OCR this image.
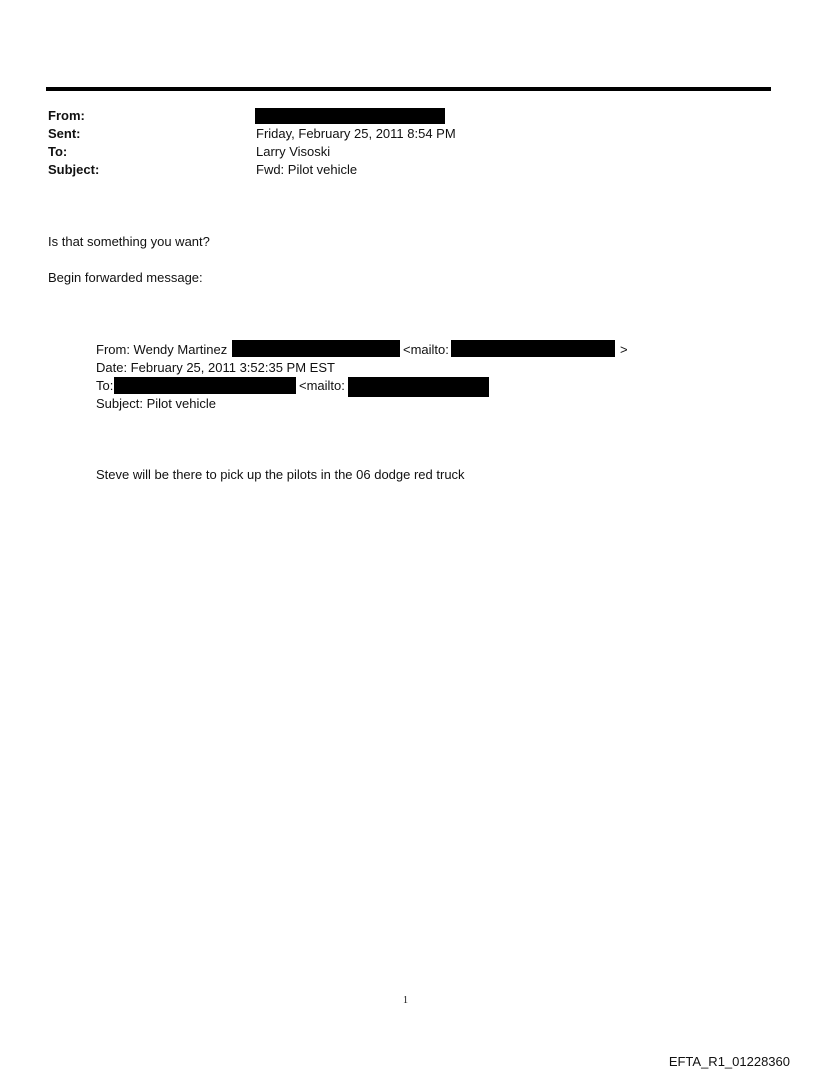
From:
Sent:	Friday, February 25, 2011 8:54 PM
To:	Larry Visoski
Subject:	Fwd: Pilot vehicle
Is that something you want?
Begin forwarded message:
From: Wendy Martinez	<mailto:	>
Date: February 25, 2011 3:52:35 PM EST
To:	<mailto:
Subject: Pilot vehicle
Steve will be there to pick up the pilots in the 06 dodge red truck
1
EFTA_R1_01228360
